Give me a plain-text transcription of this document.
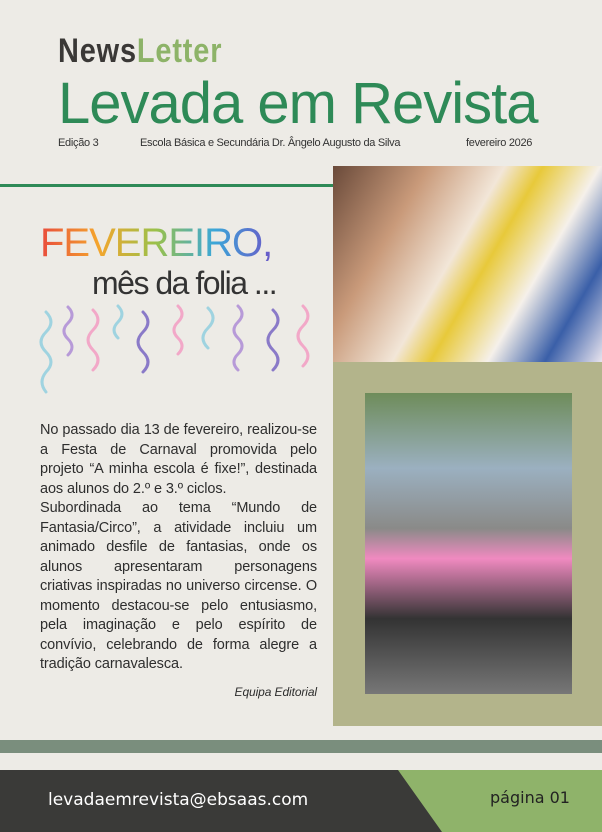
NewsLetter
Levada em Revista
Edição 3	Escola Básica e Secundária Dr. Ângelo Augusto da Silva	fevereiro 2026
FEVEREIRO,
mês da folia ...

No passado dia 13 de fevereiro, realizou-se a Festa de Carnaval promovida pelo projeto “A minha escola é fixe!”, destinada aos alunos do 2.º e 3.º ciclos.

Subordinada ao tema “Mundo de Fantasia/Circo”, a atividade incluiu um animado desfile de fantasias, onde os alunos apresentaram personagens criativas inspiradas no universo circense. O momento destacou-se pelo entusiasmo, pela imaginação e pelo espírito de convívio, celebrando de forma alegre a tradição carnavalesca.

Equipa Editorial
levadaemrevista@ebsaas.com	página 01
